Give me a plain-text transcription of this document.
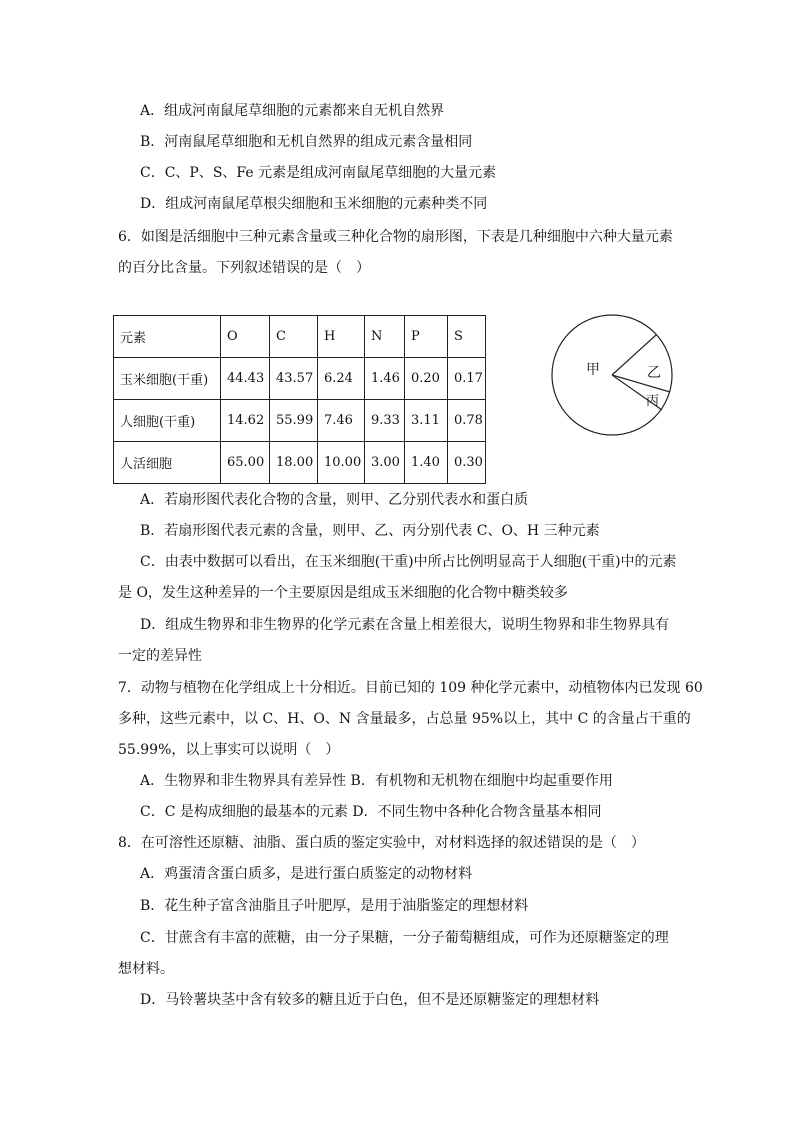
A．组成河南鼠尾草细胞的元素都来自无机自然界
B．河南鼠尾草细胞和无机自然界的组成元素含量相同
C．C、P、S、Fe 元素是组成河南鼠尾草细胞的大量元素
D．组成河南鼠尾草根尖细胞和玉米细胞的元素种类不同
6．如图是活细胞中三种元素含量或三种化合物的扇形图，下表是几种细胞中六种大量元素
的百分比含量。下列叙述错误的是（　）
元素	O	C	H	N	P	S
玉米细胞(干重)	44.43	43.57	6.24	1.46	0.20	0.17
人细胞(干重)	14.62	55.99	7.46	9.33	3.11	0.78
人活细胞	65.00	18.00	10.00	3.00	1.40	0.30
甲	乙
丙
A．若扇形图代表化合物的含量，则甲、乙分别代表水和蛋白质
B．若扇形图代表元素的含量，则甲、乙、丙分别代表 C、O、H 三种元素
C．由表中数据可以看出，在玉米细胞(干重)中所占比例明显高于人细胞(干重)中的元素
是 O，发生这种差异的一个主要原因是组成玉米细胞的化合物中糖类较多
D．组成生物界和非生物界的化学元素在含量上相差很大，说明生物界和非生物界具有
一定的差异性
7．动物与植物在化学组成上十分相近。目前已知的 109 种化学元素中，动植物体内已发现 60
多种，这些元素中，以 C、H、O、N 含量最多，占总量 95%以上，其中 C 的含量占干重的
55.99%，以上事实可以说明（　）
A．生物界和非生物界具有差异性 B．有机物和无机物在细胞中均起重要作用
C．C 是构成细胞的最基本的元素 D．不同生物中各种化合物含量基本相同
8．在可溶性还原糖、油脂、蛋白质的鉴定实验中，对材料选择的叙述错误的是（　）
A．鸡蛋清含蛋白质多，是进行蛋白质鉴定的动物材料
B．花生种子富含油脂且子叶肥厚，是用于油脂鉴定的理想材料
C．甘蔗含有丰富的蔗糖，由一分子果糖，一分子葡萄糖组成，可作为还原糖鉴定的理
想材料。
D．马铃薯块茎中含有较多的糖且近于白色，但不是还原糖鉴定的理想材料
